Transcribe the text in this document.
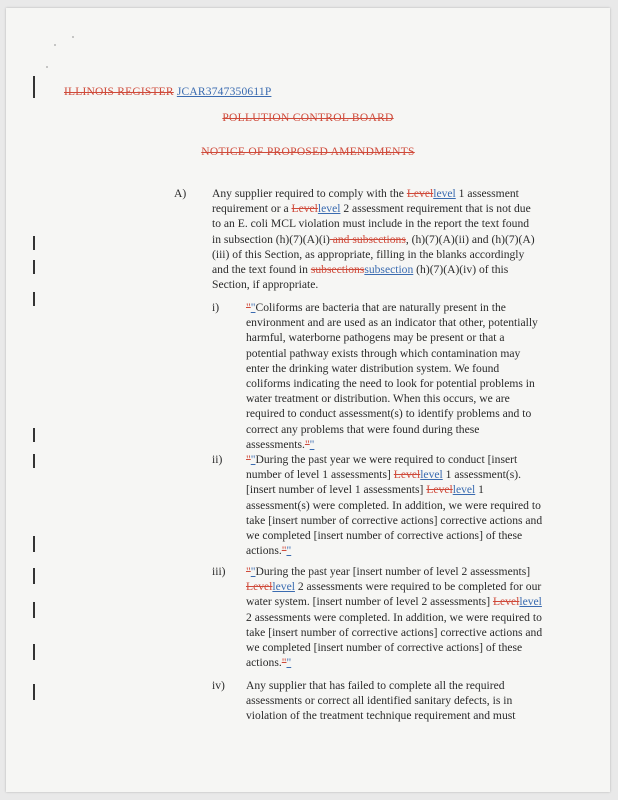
ILLINOIS REGISTER JCAR3747350611P
POLLUTION CONTROL BOARD
NOTICE OF PROPOSED AMENDMENTS
A) Any supplier required to comply with the Levellevel 1 assessment requirement or a Levellevel 2 assessment requirement that is not due to an E. coli MCL violation must include in the report the text found in subsection (h)(7)(A)(i) and subsections, (h)(7)(A)(ii) and (h)(7)(A)(iii) of this Section, as appropriate, filling in the blanks accordingly and the text found in subsectionssubsection (h)(7)(A)(iv) of this Section, if appropriate.
i) ""Coliforms are bacteria that are naturally present in the environment and are used as an indicator that other, potentially harmful, waterborne pathogens may be present or that a potential pathway exists through which contamination may enter the drinking water distribution system. We found coliforms indicating the need to look for potential problems in water treatment or distribution. When this occurs, we are required to conduct assessment(s) to identify problems and to correct any problems that were found during these assessments.""
ii) ""During the past year we were required to conduct [insert number of level 1 assessments] Levellevel 1 assessment(s). [insert number of level 1 assessments] Levellevel 1 assessment(s) were completed. In addition, we were required to take [insert number of corrective actions] corrective actions and we completed [insert number of corrective actions] of these actions.""
iii) ""During the past year [insert number of level 2 assessments] Levellevel 2 assessments were required to be completed for our water system. [insert number of level 2 assessments] Levellevel 2 assessments were completed. In addition, we were required to take [insert number of corrective actions] corrective actions and we completed [insert number of corrective actions] of these actions.""
iv) Any supplier that has failed to complete all the required assessments or correct all identified sanitary defects, is in violation of the treatment technique requirement and must
